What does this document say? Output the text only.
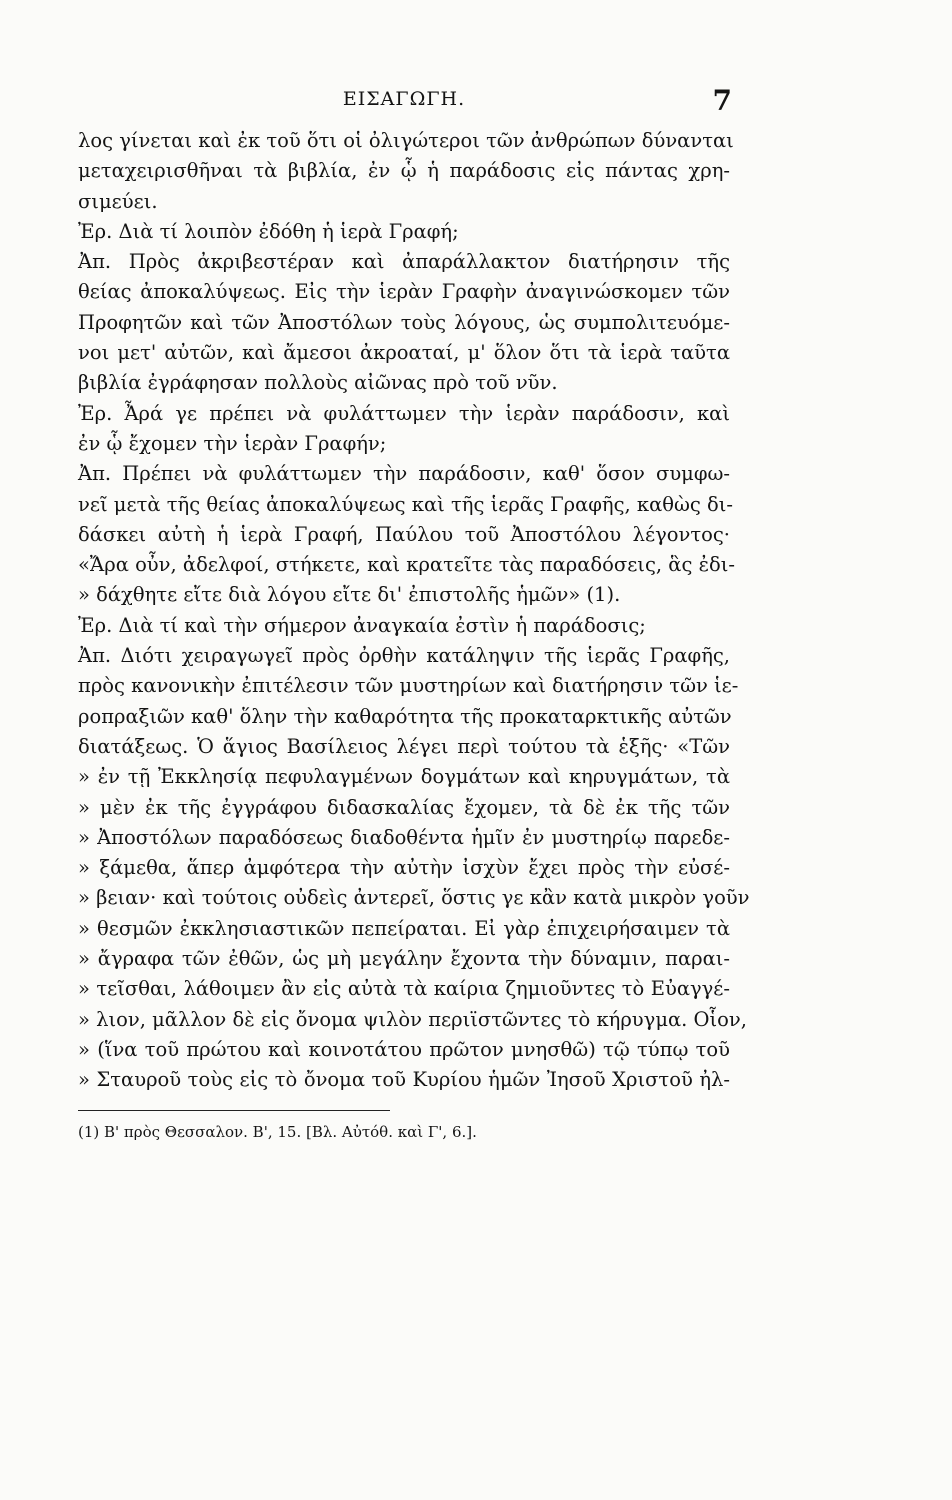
ΕΙΣΑΓΩΓΗ.	7
λος γίνεται καὶ ἐκ τοῦ ὅτι οἱ ὀλιγώτεροι τῶν ἀνθρώπων δύνανται
μεταχειρισθῆναι τὰ βιβλία, ἐν ᾧ ἡ παράδοσις εἰς πάντας χρη-
σιμεύει.
Ἐρ. Διὰ τί λοιπὸν ἐδόθη ἡ ἱερὰ Γραφή;
Ἀπ. Πρὸς ἀκριβεστέραν καὶ ἀπαράλλακτον διατήρησιν τῆς
θείας ἀποκαλύψεως. Εἰς τὴν ἱερὰν Γραφὴν ἀναγινώσκομεν τῶν
Προφητῶν καὶ τῶν Ἀποστόλων τοὺς λόγους, ὡς συμπολιτευόμε-
νοι μετ' αὐτῶν, καὶ ἄμεσοι ἀκροαταί, μ' ὅλον ὅτι τὰ ἱερὰ ταῦτα
βιβλία ἐγράφησαν πολλοὺς αἰῶνας πρὸ τοῦ νῦν.
Ἐρ. Ἆρά γε πρέπει νὰ φυλάττωμεν τὴν ἱερὰν παράδοσιν, καὶ
ἐν ᾧ ἔχομεν τὴν ἱερὰν Γραφήν;
Ἀπ. Πρέπει νὰ φυλάττωμεν τὴν παράδοσιν, καθ' ὅσον συμφω-
νεῖ μετὰ τῆς θείας ἀποκαλύψεως καὶ τῆς ἱερᾶς Γραφῆς, καθὼς δι-
δάσκει αὐτὴ ἡ ἱερὰ Γραφή, Παύλου τοῦ Ἀποστόλου λέγοντος·
«Ἄρα οὖν, ἀδελφοί, στήκετε, καὶ κρατεῖτε τὰς παραδόσεις, ἃς ἐδι-
» δάχθητε εἴτε διὰ λόγου εἴτε δι' ἐπιστολῆς ἡμῶν» (1).
Ἐρ. Διὰ τί καὶ τὴν σήμερον ἀναγκαία ἐστὶν ἡ παράδοσις;
Ἀπ. Διότι χειραγωγεῖ πρὸς ὀρθὴν κατάληψιν τῆς ἱερᾶς Γραφῆς,
πρὸς κανονικὴν ἐπιτέλεσιν τῶν μυστηρίων καὶ διατήρησιν τῶν ἱε-
ροπραξιῶν καθ' ὅλην τὴν καθαρότητα τῆς προκαταρκτικῆς αὐτῶν
διατάξεως. Ὁ ἅγιος Βασίλειος λέγει περὶ τούτου τὰ ἑξῆς· «Τῶν
» ἐν τῇ Ἐκκλησίᾳ πεφυλαγμένων δογμάτων καὶ κηρυγμάτων, τὰ
» μὲν ἐκ τῆς ἐγγράφου διδασκαλίας ἔχομεν, τὰ δὲ ἐκ τῆς τῶν
» Ἀποστόλων παραδόσεως διαδοθέντα ἡμῖν ἐν μυστηρίῳ παρεδε-
» ξάμεθα, ἅπερ ἀμφότερα τὴν αὐτὴν ἰσχὺν ἔχει πρὸς τὴν εὐσέ-
» βειαν· καὶ τούτοις οὐδεὶς ἀντερεῖ, ὅστις γε κἂν κατὰ μικρὸν γοῦν
» θεσμῶν ἐκκλησιαστικῶν πεπείραται. Εἰ γὰρ ἐπιχειρήσαιμεν τὰ
» ἄγραφα τῶν ἐθῶν, ὡς μὴ μεγάλην ἔχοντα τὴν δύναμιν, παραι-
» τεῖσθαι, λάθοιμεν ἂν εἰς αὐτὰ τὰ καίρια ζημιοῦντες τὸ Εὐαγγέ-
» λιον, μᾶλλον δὲ εἰς ὄνομα ψιλὸν περιϊστῶντες τὸ κήρυγμα. Οἷον,
» (ἵνα τοῦ πρώτου καὶ κοινοτάτου πρῶτον μνησθῶ) τῷ τύπῳ τοῦ
» Σταυροῦ τοὺς εἰς τὸ ὄνομα τοῦ Κυρίου ἡμῶν Ἰησοῦ Χριστοῦ ἠλ-
(1) Β' πρὸς Θεσσαλον. Β', 15. [Βλ. Αὐτόθ. καὶ Γ', 6.].
